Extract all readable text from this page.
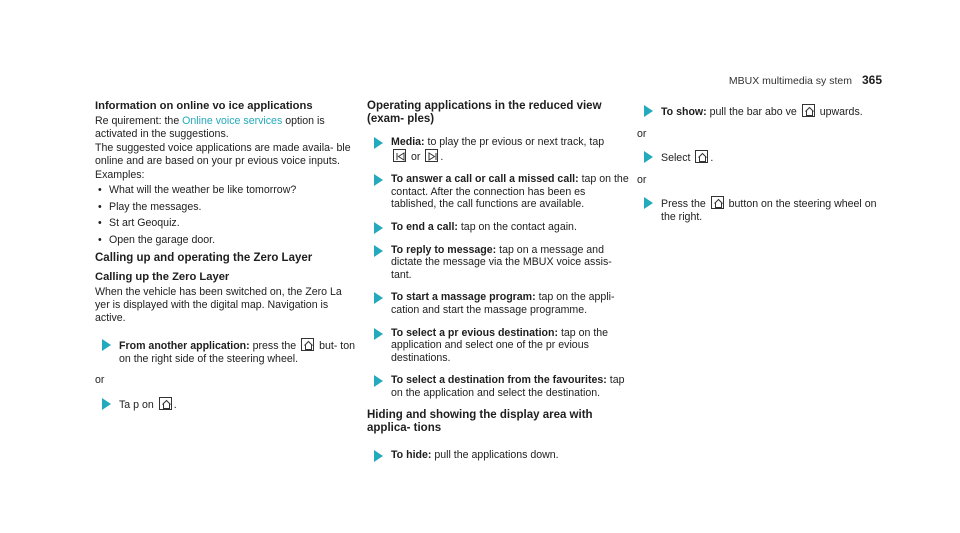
MBUX multimedia sy stem 365
Information on online vo ice applications
Re quirement: the Online voice services option is activated in the suggestions.
The suggested voice applications are made availa‐ ble online and are based on your pr evious voice inputs.
Examples:
• What will the weather be like tomorrow?
• Play the messages.
• St art Geoquiz.
• Open the garage door.
Calling up and operating the Zero Layer
Calling up the Zero Layer
When the vehicle has been switched on, the Zero La yer is displayed with the digital map. Navigation is active.
From another application: press the
but‐ ton on the right side of the steering wheel.
or
Ta p on
.
Operating applications in the reduced view (exam‐ ples)
Media: to play the pr evious or next track, tap

or
.
To answer a call or call a missed call: tap on the contact. After the connection has been es tablished, the call functions are available.
To end a call: tap on the contact again.
To reply to message: tap on a message and dictate the message via the MBUX voice assis‐ tant.
To start a massage program: tap on the appli‐ cation and start the massage programme.
To select a pr evious destination: tap on the application and select one of the pr evious destinations.
To select a destination from the favourites: tap on the application and select the destination.
Hiding and showing the display area with applica‐ tions
To hide: pull the applications down.
To show: pull the bar abo ve
upwards.
or
Select
.
or
Press the
button on the steering wheel on the right.
